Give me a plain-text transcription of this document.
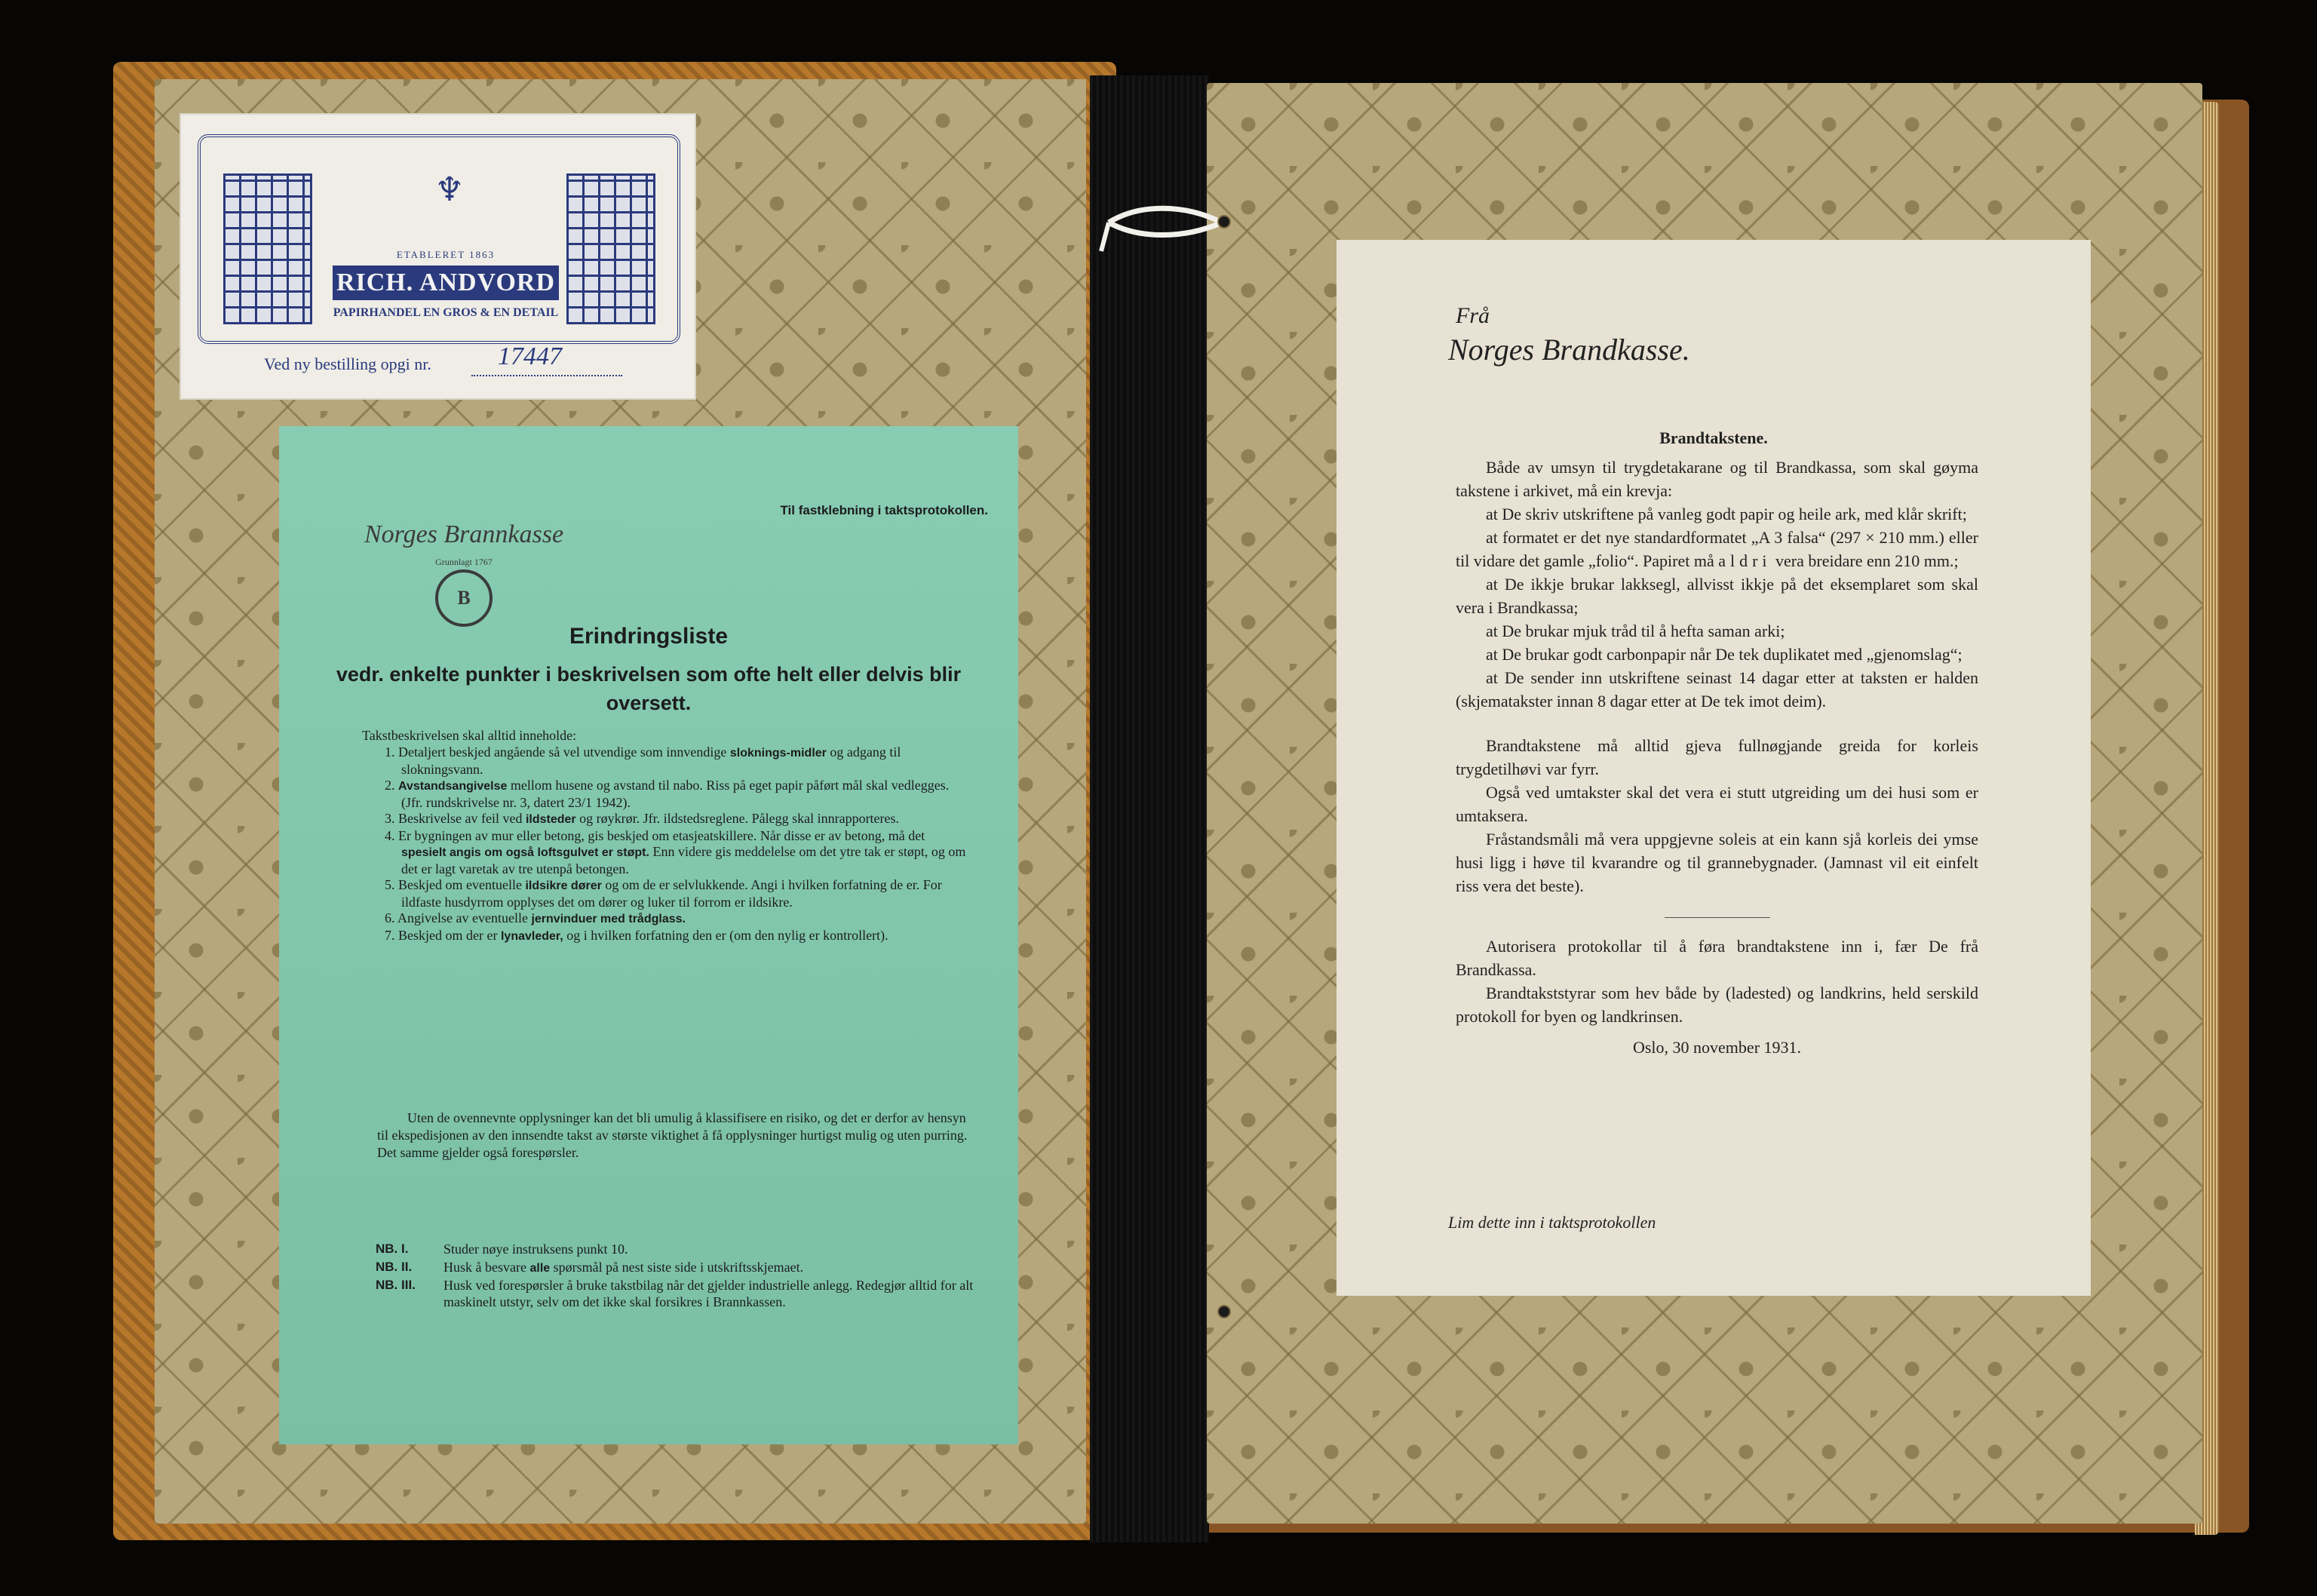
♆
ETABLERET 1863
RICH. ANDVORD
PAPIRHANDEL EN GROS & EN DETAIL
Ved ny bestilling opgi nr.	17447
Norges Brannkasse
Grunnlagt 1767
B
Til fastklebning i taktsprotokollen.
Erindringsliste
vedr. enkelte punkter i beskrivelsen som ofte helt eller delvis blir oversett.
Takstbeskrivelsen skal alltid inneholde:
1. Detaljert beskjed angående så vel utvendige som innvendige sloknings-midler og adgang til slokningsvann.
2. Avstandsangivelse mellom husene og avstand til nabo. Riss på eget papir påført mål skal vedlegges. (Jfr. rundskrivelse nr. 3, datert 23/1 1942).
3. Beskrivelse av feil ved ildsteder og røykrør. Jfr. ildstedsreglene. Pålegg skal innrapporteres.
4. Er bygningen av mur eller betong, gis beskjed om etasjeatskillere. Når disse er av betong, må det spesielt angis om også loftsgulvet er støpt. Enn videre gis meddelelse om det ytre tak er støpt, og om det er lagt varetak av tre utenpå betongen.
5. Beskjed om eventuelle ildsikre dører og om de er selvlukkende. Angi i hvilken forfatning de er. For ildfaste husdyrrom opplyses det om dører og luker til forrom er ildsikre.
6. Angivelse av eventuelle jernvinduer med trådglass.
7. Beskjed om der er lynavleder, og i hvilken forfatning den er (om den nylig er kontrollert).
Uten de ovennevnte opplysninger kan det bli umulig å klassifisere en risiko, og det er derfor av hensyn til ekspedisjonen av den innsendte takst av største viktighet å få opplysninger hurtigst mulig og uten purring. Det samme gjelder også forespørsler.
NB. I.	Studer nøye instruksens punkt 10.
NB. II.	Husk å besvare alle spørsmål på nest siste side i utskriftsskjemaet.
NB. III.	Husk ved forespørsler å bruke takstbilag når det gjelder industrielle anlegg. Redegjør alltid for alt maskinelt utstyr, selv om det ikke skal forsikres i Brannkassen.
Frå
Norges Brandkasse.
Brandtakstene.

Både av umsyn til trygdetakarane og til Brandkassa, som skal gøyma takstene i arkivet, må ein krevja:

at De skriv utskriftene på vanleg godt papir og heile ark, med klår skrift;

at formatet er det nye standardformatet „A 3 falsa“ (297 × 210 mm.) eller til vidare det gamle „folio“. Papiret må aldri vera breidare enn 210 mm.;

at De ikkje brukar lakksegl, allvisst ikkje på det eksemplaret som skal vera i Brandkassa;

at De brukar mjuk tråd til å hefta saman arki;

at De brukar godt carbonpapir når De tek duplikatet med „gjenomslag“;

at De sender inn utskriftene seinast 14 dagar etter at taksten er halden (skjematakster innan 8 dagar etter at De tek imot deim).

Brandtakstene må alltid gjeva fullnøgjande greida for korleis trygdetilhøvi var fyrr.

Også ved umtakster skal det vera ei stutt utgreiding um dei husi som er umtaksera.

Fråstandsmåli må vera uppgjevne soleis at ein kann sjå korleis dei ymse husi ligg i høve til kvarandre og til grannebygnader. (Jamnast vil eit einfelt riss vera det beste).

Autorisera protokollar til å føra brandtakstene inn i, fær De frå Brandkassa.

Brandtakststyrar som hev både by (ladested) og landkrins, held serskild protokoll for byen og landkrinsen.

Oslo, 30 november 1931.

Lim dette inn i taktsprotokollen
